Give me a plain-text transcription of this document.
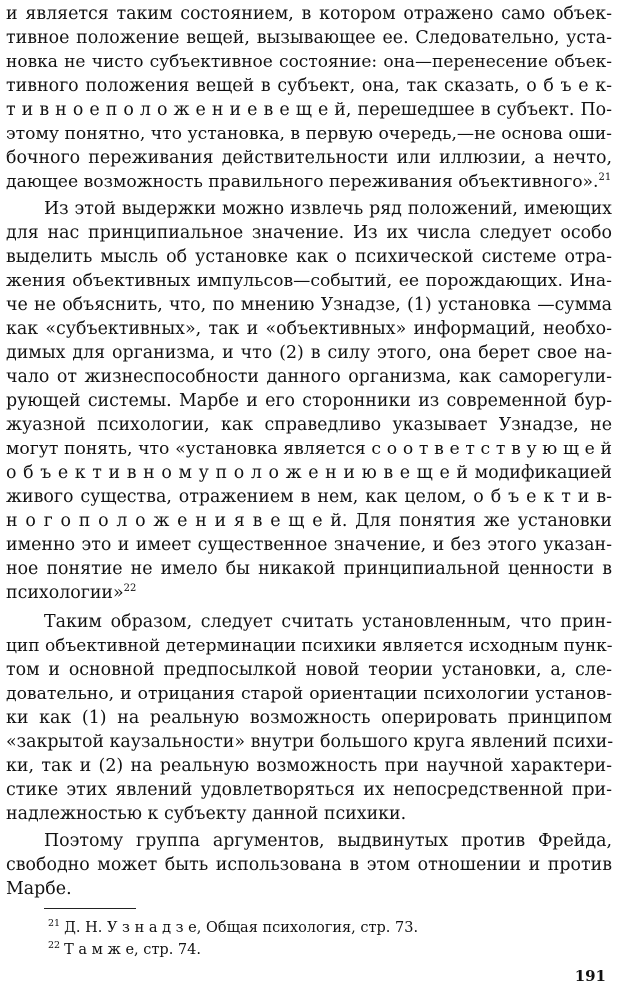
и является таким состоянием, в котором отражено само объек-
тивное положение вещей, вызывающее ее. Следовательно, уста-
новка не чисто субъективное состояние: она—перенесение объек-
тивного положения вещей в субъект, она, так сказать, о б ъ е к-
т и в н о е п о л о ж е н и е в е щ е й, перешедшее в субъект. По-
этому понятно, что установка, в первую очередь,—не основа оши-
бочного переживания действительности или иллюзии, а нечто,
дающее возможность правильного переживания объективного».$^{21}$
Из этой выдержки можно извлечь ряд положений, имеющих
для нас принципиальное значение. Из их числа следует особо
выделить мысль об установке как о психической системе отра-
жения объективных импульсов—событий, ее порождающих. Ина-
че не объяснить, что, по мнению Узнадзе, (1) установка —сумма
как «субъективных», так и «объективных» информаций, необхо-
димых для организма, и что (2) в силу этого, она берет свое на-
чало от жизнеспособности данного организма, как саморегули-
рующей системы. Марбе и его сторонники из современной бур-
жуазной психологии, как справедливо указывает Узнадзе, не
могут понять, что «установка является с о о т в е т с т в у ю щ е й
о б ъ е к т и в н о м у п о л о ж е н и ю в е щ е й модификацией
живого существа, отражением в нем, как целом, о б ъ е к т и в-
н о г о п о л о ж е н и я в е щ е й. Для понятия же установки
именно это и имеет существенное значение, и без этого указан-
ное понятие не имело бы никакой принципиальной ценности в
психологии»$^{22}$
Таким образом, следует считать установленным, что прин-
цип объективной детерминации психики является исходным пунк-
том и основной предпосылкой новой теории установки, а, сле-
довательно, и отрицания старой ориентации психологии установ-
ки как (1) на реальную возможность оперировать принципом
«закрытой каузальности» внутри большого круга явлений психи-
ки, так и (2) на реальную возможность при научной характери-
стике этих явлений удовлетворяться их непосредственной при-
надлежностью к субъекту данной психики.
Поэтому группа аргументов, выдвинутых против Фрейда,
свободно может быть использована в этом отношении и против
Марбе.
$^{21}$ Д. Н. У з н а д з е, Общая психология, стр. 73.
$^{22}$ Т а м ж е, стр. 74.
191
